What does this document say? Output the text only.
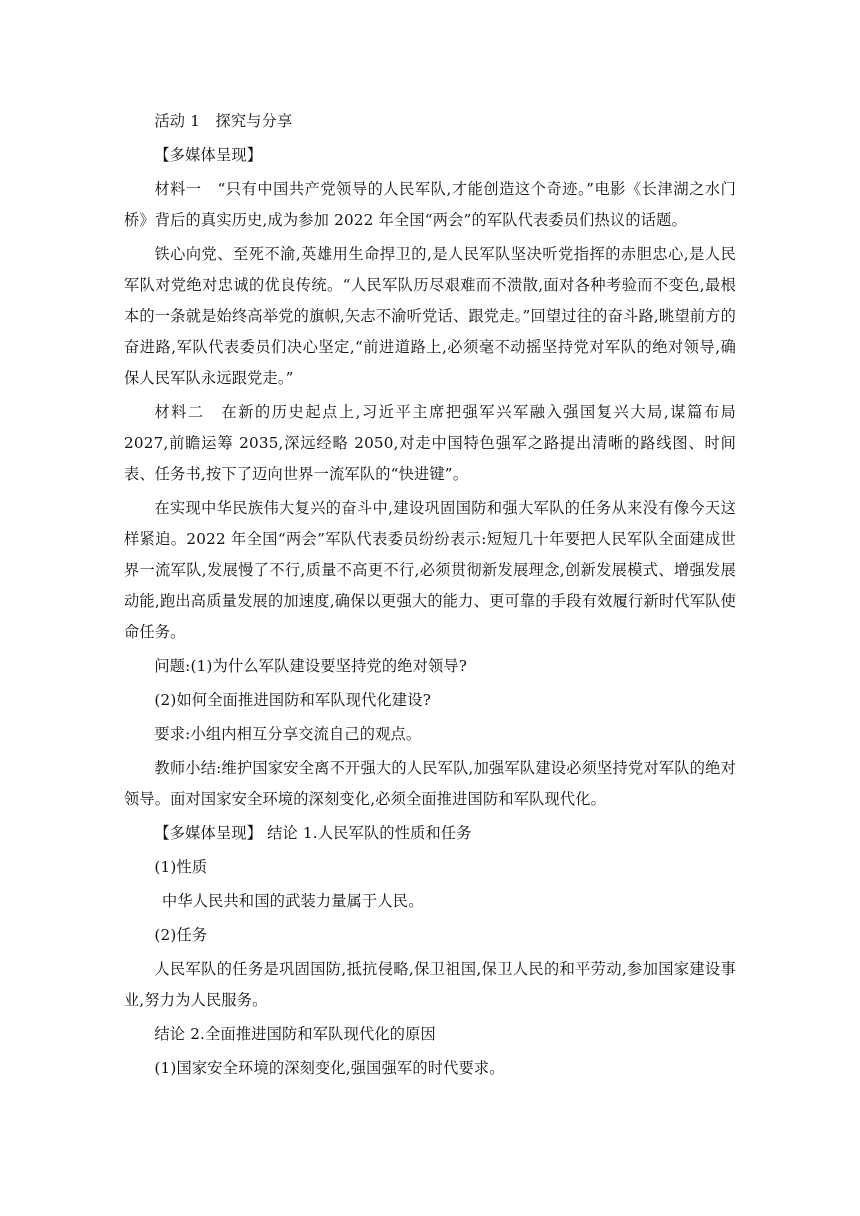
活动 1　探究与分享

【多媒体呈现】

材料一　“只有中国共产党领导的人民军队,才能创造这个奇迹。”电影《长津湖之水门桥》背后的真实历史,成为参加 2022 年全国“两会”的军队代表委员们热议的话题。

铁心向党、至死不渝,英雄用生命捍卫的,是人民军队坚决听党指挥的赤胆忠心,是人民军队对党绝对忠诚的优良传统。“人民军队历尽艰难而不溃散,面对各种考验而不变色,最根本的一条就是始终高举党的旗帜,矢志不渝听党话、跟党走。”回望过往的奋斗路,眺望前方的奋进路,军队代表委员们决心坚定,“前进道路上,必须毫不动摇坚持党对军队的绝对领导,确保人民军队永远跟党走。”

材料二　在新的历史起点上,习近平主席把强军兴军融入强国复兴大局,谋篇布局 2027,前瞻运筹 2035,深远经略 2050,对走中国特色强军之路提出清晰的路线图、时间表、任务书,按下了迈向世界一流军队的“快进键”。

在实现中华民族伟大复兴的奋斗中,建设巩固国防和强大军队的任务从来没有像今天这样紧迫。2022 年全国“两会”军队代表委员纷纷表示:短短几十年要把人民军队全面建成世界一流军队,发展慢了不行,质量不高更不行,必须贯彻新发展理念,创新发展模式、增强发展动能,跑出高质量发展的加速度,确保以更强大的能力、更可靠的手段有效履行新时代军队使命任务。

问题:(1)为什么军队建设要坚持党的绝对领导?

(2)如何全面推进国防和军队现代化建设?

要求:小组内相互分享交流自己的观点。

教师小结:维护国家安全离不开强大的人民军队,加强军队建设必须坚持党对军队的绝对领导。面对国家安全环境的深刻变化,必须全面推进国防和军队现代化。

【多媒体呈现】 结论 1.人民军队的性质和任务

(1)性质

中华人民共和国的武装力量属于人民。

(2)任务

人民军队的任务是巩固国防,抵抗侵略,保卫祖国,保卫人民的和平劳动,参加国家建设事业,努力为人民服务。

结论 2.全面推进国防和军队现代化的原因

(1)国家安全环境的深刻变化,强国强军的时代要求。
